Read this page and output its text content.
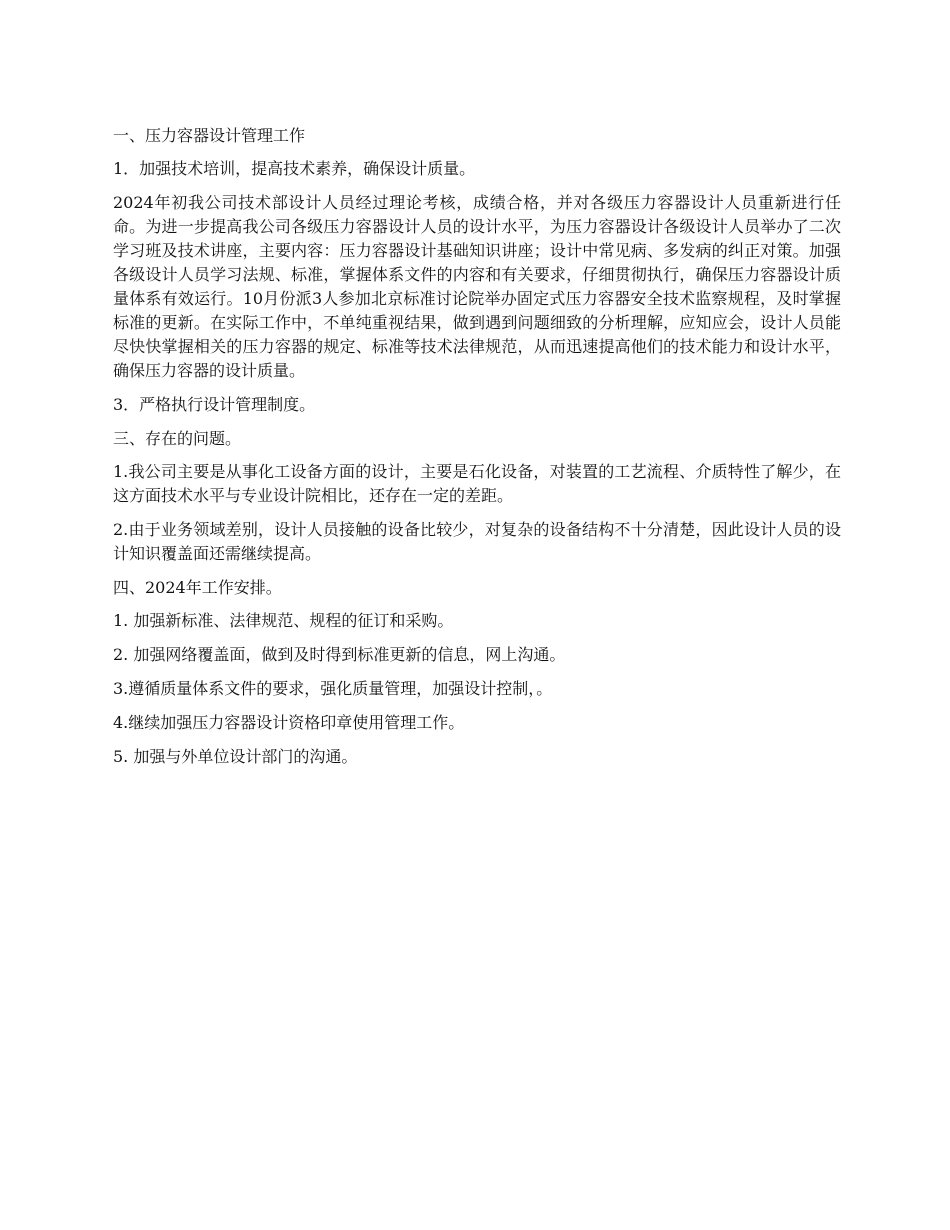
一、压力容器设计管理工作

1．加强技术培训，提高技术素养，确保设计质量。

2024年初我公司技术部设计人员经过理论考核，成绩合格，并对各级压力容器设计人员重新进行任命。为进一步提高我公司各级压力容器设计人员的设计水平，为压力容器设计各级设计人员举办了二次学习班及技术讲座，主要内容：压力容器设计基础知识讲座；设计中常见病、多发病的纠正对策。加强各级设计人员学习法规、标准，掌握体系文件的内容和有关要求，仔细贯彻执行，确保压力容器设计质量体系有效运行。10月份派3人参加北京标准讨论院举办固定式压力容器安全技术监察规程，及时掌握标准的更新。在实际工作中，不单纯重视结果，做到遇到问题细致的分析理解，应知应会，设计人员能尽快快掌握相关的压力容器的规定、标准等技术法律规范，从而迅速提高他们的技术能力和设计水平，确保压力容器的设计质量。

3．严格执行设计管理制度。

三、存在的问题。

1.我公司主要是从事化工设备方面的设计，主要是石化设备，对装置的工艺流程、介质特性了解少，在这方面技术水平与专业设计院相比，还存在一定的差距。

2.由于业务领域差别，设计人员接触的设备比较少，对复杂的设备结构不十分清楚，因此设计人员的设计知识覆盖面还需继续提高。

四、2024年工作安排。

1. 加强新标准、法律规范、规程的征订和采购。

2. 加强网络覆盖面，做到及时得到标准更新的信息，网上沟通。

3.遵循质量体系文件的要求，强化质量管理，加强设计控制，。

4.继续加强压力容器设计资格印章使用管理工作。

5. 加强与外单位设计部门的沟通。
